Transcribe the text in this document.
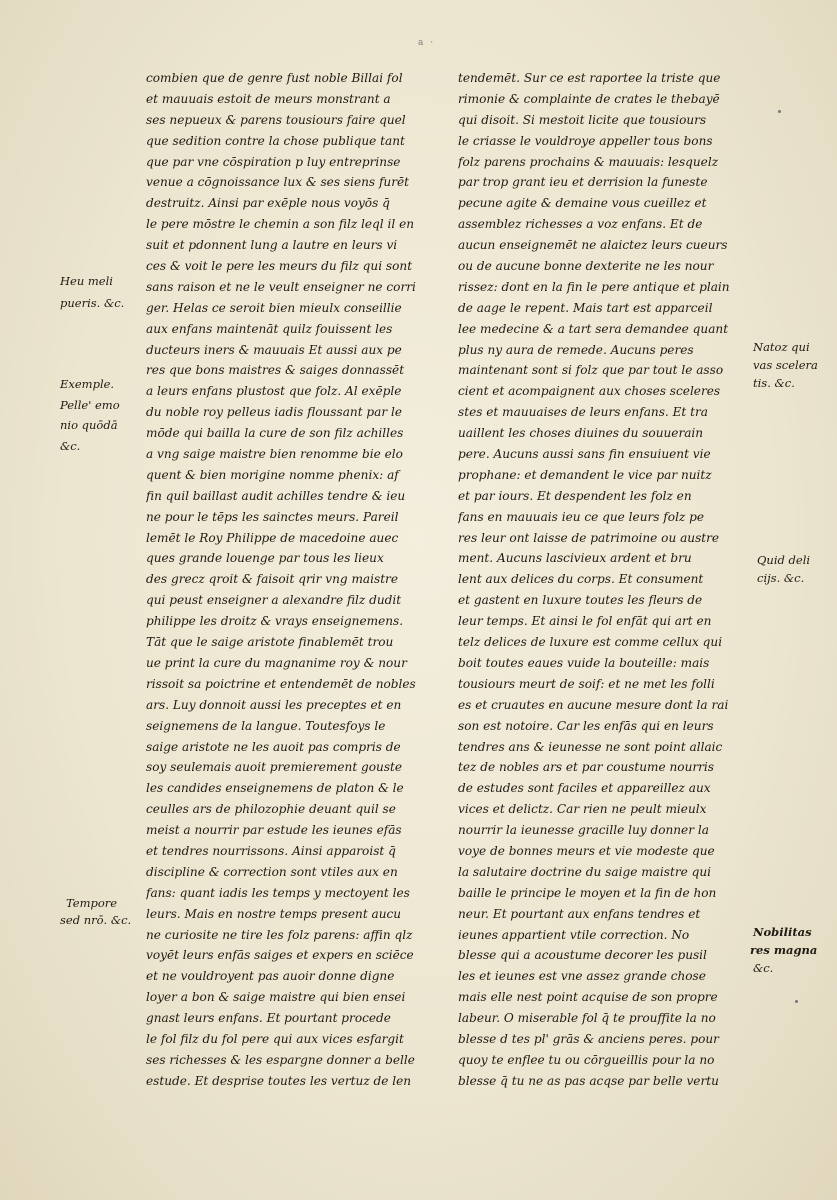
a ·
combien que de genre fust noble Billai fol
et mauuais estoit de meurs monstrant a
ses nepueux & parens tousiours faire quel
que sedition contre la chose publique tant
que par vne cōspiration p luy entreprinse
venue a cōgnoissance lux & ses siens furēt
destruitz. Ainsi par exēple nous voyōs q̄
le pere mōstre le chemin a son filz leql il en
suit et pdonnent lung a lautre en leurs vi
ces & voit le pere les meurs du filz qui sont
sans raison et ne le veult enseigner ne corri
ger. Helas ce seroit bien mieulx conseillie
aux enfans maintenāt quilz fouissent les
ducteurs iners & mauuais Et aussi aux pe
res que bons maistres & saiges donnassēt
a leurs enfans plustost que folz. Al exēple
du noble roy pelleus iadis floussant par le
mōde qui bailla la cure de son filz achilles
a vng saige maistre bien renomme bie elo
quent & bien morigine nomme phenix: af
fin quil baillast audit achilles tendre & ieu
ne pour le tēps les sainctes meurs. Pareil
lemēt le Roy Philippe de macedoine auec
ques grande louenge par tous les lieux
des grecz qroit & faisoit qrir vng maistre
qui peust enseigner a alexandre filz dudit
philippe les droitz & vrays enseignemens.
Tāt que le saige aristote finablemēt trou
ue print la cure du magnanime roy & nour
rissoit sa poictrine et entendemēt de nobles
ars. Luy donnoit aussi les preceptes et en
seignemens de la langue. Toutesfoys le
saige aristote ne les auoit pas compris de
soy seulemais auoit premierement gouste
les candides enseignemens de platon & le
ceulles ars de philozophie deuant quil se
meist a nourrir par estude les ieunes efās
et tendres nourrissons. Ainsi apparoist q̄
discipline & correction sont vtiles aux en
fans: quant iadis les temps y mectoyent les
leurs. Mais en nostre temps present aucu
ne curiosite ne tire les folz parens: affin qlz
voyēt leurs enfās saiges et expers en sciēce
et ne vouldroyent pas auoir donne digne
loyer a bon & saige maistre qui bien ensei
gnast leurs enfans. Et pourtant procede
le fol filz du fol pere qui aux vices esfargit
ses richesses & les espargne donner a belle
estude. Et desprise toutes les vertuz de len
tendemēt. Sur ce est raportee la triste que
rimonie & complainte de crates le thebayē
qui disoit. Si mestoit licite que tousiours
le criasse le vouldroye appeller tous bons
folz parens prochains & mauuais: lesquelz
par trop grant ieu et derrision la funeste
pecune agite & demaine vous cueillez et
assemblez richesses a voz enfans. Et de
aucun enseignemēt ne alaictez leurs cueurs
ou de aucune bonne dexterite ne les nour
rissez: dont en la fin le pere antique et plain
de aage le repent. Mais tart est apparceil
lee medecine & a tart sera demandee quant
plus ny aura de remede. Aucuns peres
maintenant sont si folz que par tout le asso
cient et acompaignent aux choses sceleres
stes et mauuaises de leurs enfans. Et tra
uaillent les choses diuines du souuerain
pere. Aucuns aussi sans fin ensuiuent vie
prophane: et demandent le vice par nuitz
et par iours. Et despendent les folz en
fans en mauuais ieu ce que leurs folz pe
res leur ont laisse de patrimoine ou austre
ment. Aucuns lascivieux ardent et bru
lent aux delices du corps. Et consument
et gastent en luxure toutes les fleurs de
leur temps. Et ainsi le fol enfāt qui art en
telz delices de luxure est comme cellux qui
boit toutes eaues vuide la bouteille: mais
tousiours meurt de soif: et ne met les folli
es et cruautes en aucune mesure dont la rai
son est notoire. Car les enfās qui en leurs
tendres ans & ieunesse ne sont point allaic
tez de nobles ars et par coustume nourris
de estudes sont faciles et appareillez aux
vices et delictz. Car rien ne peult mieulx
nourrir la ieunesse gracille luy donner la
voye de bonnes meurs et vie modeste que
la salutaire doctrine du saige maistre qui
baille le principe le moyen et la fin de hon
neur. Et pourtant aux enfans tendres et
ieunes appartient vtile correction. No
blesse qui a acoustume decorer les pusil
les et ieunes est vne assez grande chose
mais elle nest point acquise de son propre
labeur. O miserable fol q̄ te prouffite la no
blesse d tes pl' grās & anciens peres. pour
quoy te enflee tu ou cōrgueillis pour la no
blesse q̄ tu ne as pas acqse par belle vertu
Heu meli
pueris. &c.
Exemple.
Pelle' emo
nio quōdā
&c.
Tempore
sed nrō. &c.
Natoz qui
vas scelera
tis. &c.
Quid deli
cijs. &c.
Nobilitas
res magna
&c.
